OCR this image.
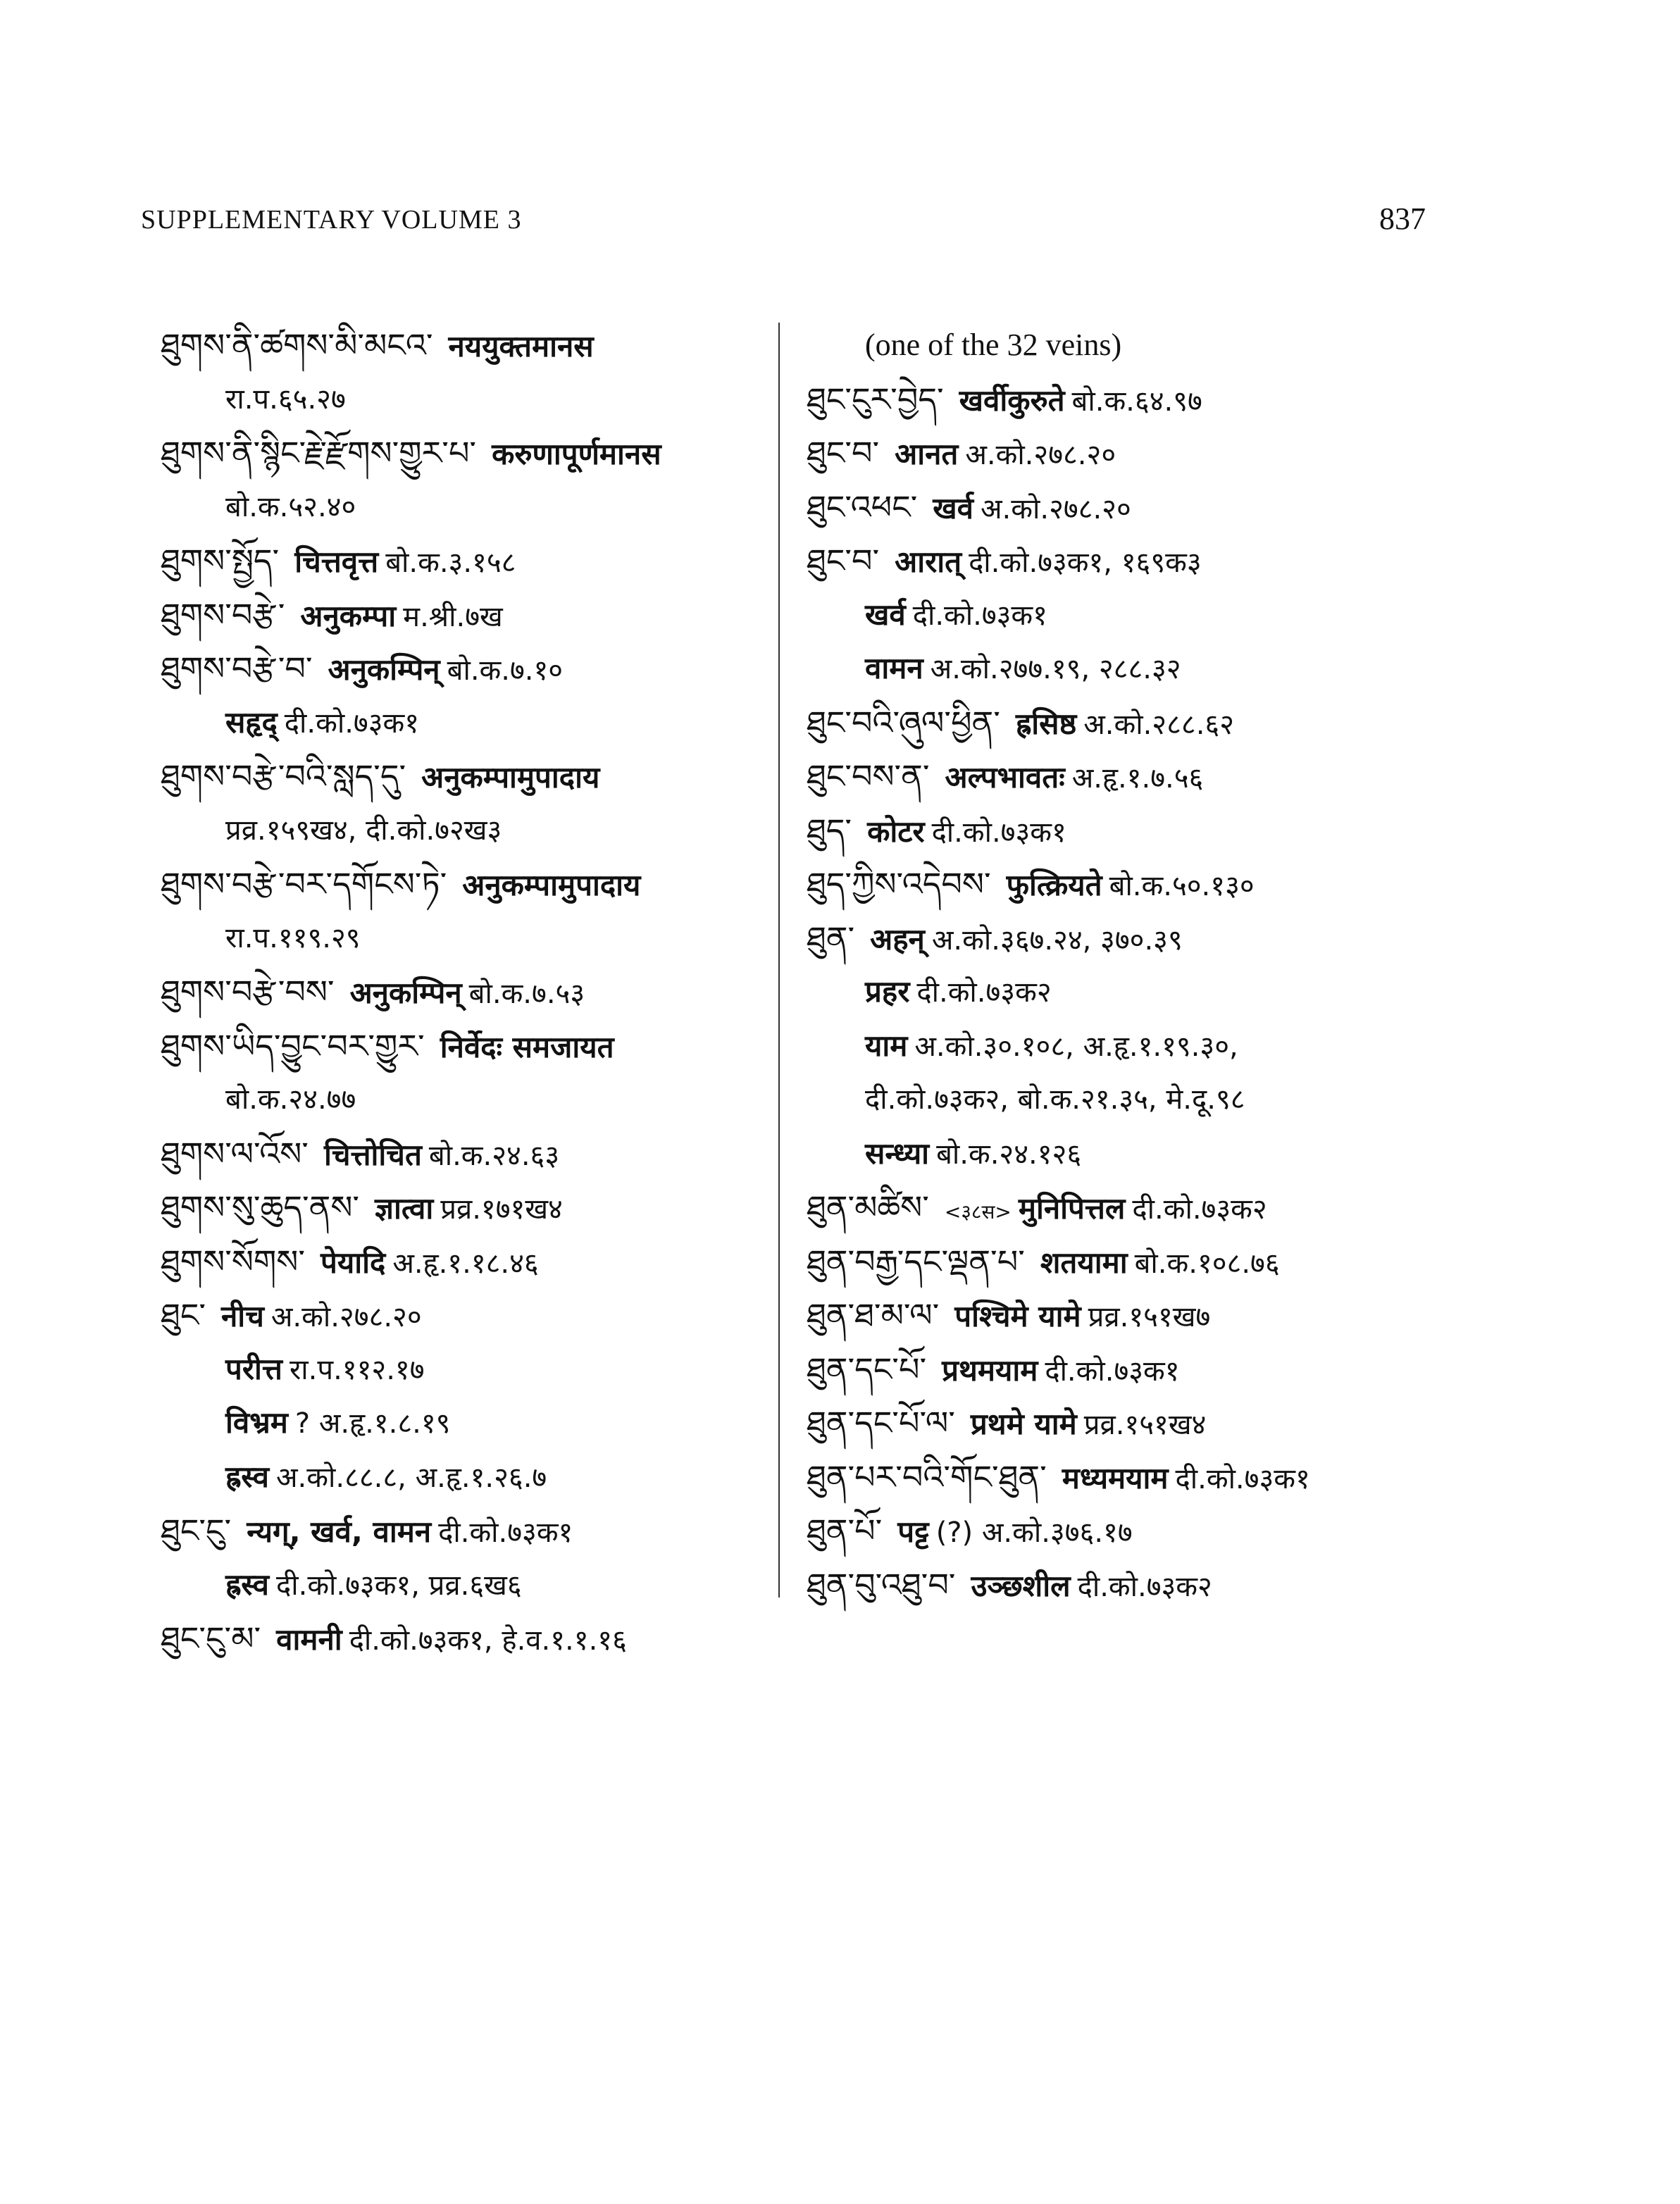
SUPPLEMENTARY VOLUME 3	837
ཐུགས་ནི་ཚགས་མི་མངའ་ नययुक्तमानस
रा.प.६५.२७
ཐུགས་ནི་སྙིང་རྗེ་རྫོགས་གྱུར་པ་ करुणापूर्णमानस
बो.क.५२.४०
ཐུགས་སྤྱོད་ चित्तवृत्त बो.क.३.१५८
ཐུགས་བརྩེ་ अनुकम्पा म.श्री.७ख
ཐུགས་བརྩེ་བ་ अनुकम्पिन् बो.क.७.१०
सहृद् दी.को.७३क१
ཐུགས་བརྩེ་བའི་སླད་དུ་ अनुकम्पामुपादाय
प्रव्र.१५९ख४, दी.को.७२ख३
ཐུགས་བརྩེ་བར་དགོངས་ཏེ་ अनुकम्पामुपादाय
रा.प.११९.२९
ཐུགས་བརྩེ་བས་ अनुकम्पिन् बो.क.७.५३
ཐུགས་ཡིད་བྱུང་བར་གྱུར་ निर्वेदः समजायत
बो.क.२४.७७
ཐུགས་ལ་འོས་ चित्तोचित बो.क.२४.६३
ཐུགས་སུ་ཆུད་ནས་ ज्ञात्वा प्रव्र.१७१ख४
ཐུགས་སོགས་ पेयादि अ.हृ.१.१८.४६
ཐུང་ नीच अ.को.२७८.२०
परीत्त रा.प.११२.१७
विभ्रम ? अ.हृ.१.८.१९
ह्रस्व अ.को.८८.८, अ.हृ.१.२६.७
ཐུང་ངུ་ न्यग्, खर्व, वामन दी.को.७३क१
ह्रस्व दी.को.७३क१, प्रव्र.६ख६
ཐུང་ངུ་མ་ वामनी दी.को.७३क१, हे.व.१.१.१६
(one of the 32 veins)
ཐུང་ངུར་བྱེད་ खर्वीकुरुते बो.क.६४.९७
ཐུང་བ་ आनत अ.को.२७८.२०
ཐུང་འཕང་ खर्व अ.को.२७८.२०
ཐུང་བ་ आरात् दी.को.७३क१, १६९क३
खर्व दी.को.७३क१
वामन अ.को.२७७.१९, २८८.३२
ཐུང་བའི་ཞུལ་ཕྱིན་ ह्रसिष्ठ अ.को.२८८.६२
ཐུང་བས་ན་ अल्पभावतः अ.हृ.१.७.५६
ཐུད་ कोटर दी.को.७३क१
ཐུད་ཀྱིས་འདེབས་ फुत्क्रियते बो.क.५०.१३०
ཐུན་ अहन् अ.को.३६७.२४, ३७०.३९
प्रहर दी.को.७३क२
याम अ.को.३०.१०८, अ.हृ.१.१९.३०,
दी.को.७३क२, बो.क.२१.३५, मे.दू.९८
सन्ध्या बो.क.२४.१२६
ཐུན་མཚིས་ <३८स> मुनिपित्तल दी.को.७३क२
ཐུན་བརྒྱ་དང་ལྡན་པ་ शतयामा बो.क.१०८.७६
ཐུན་ཐ་མ་ལ་ पश्चिमे यामे प्रव्र.१५१ख७
ཐུན་དང་པོ་ प्रथमयाम दी.को.७३क१
ཐུན་དང་པོ་ལ་ प्रथमे यामे प्रव्र.१५१ख४
ཐུན་པར་བའི་གོང་ཐུན་ मध्यमयाम दी.को.७३क१
ཐུན་པོ་ पट्ट (?) अ.को.३७६.१७
ཐུན་བུ་འཐུ་བ་ उञ्छशील दी.को.७३क२
